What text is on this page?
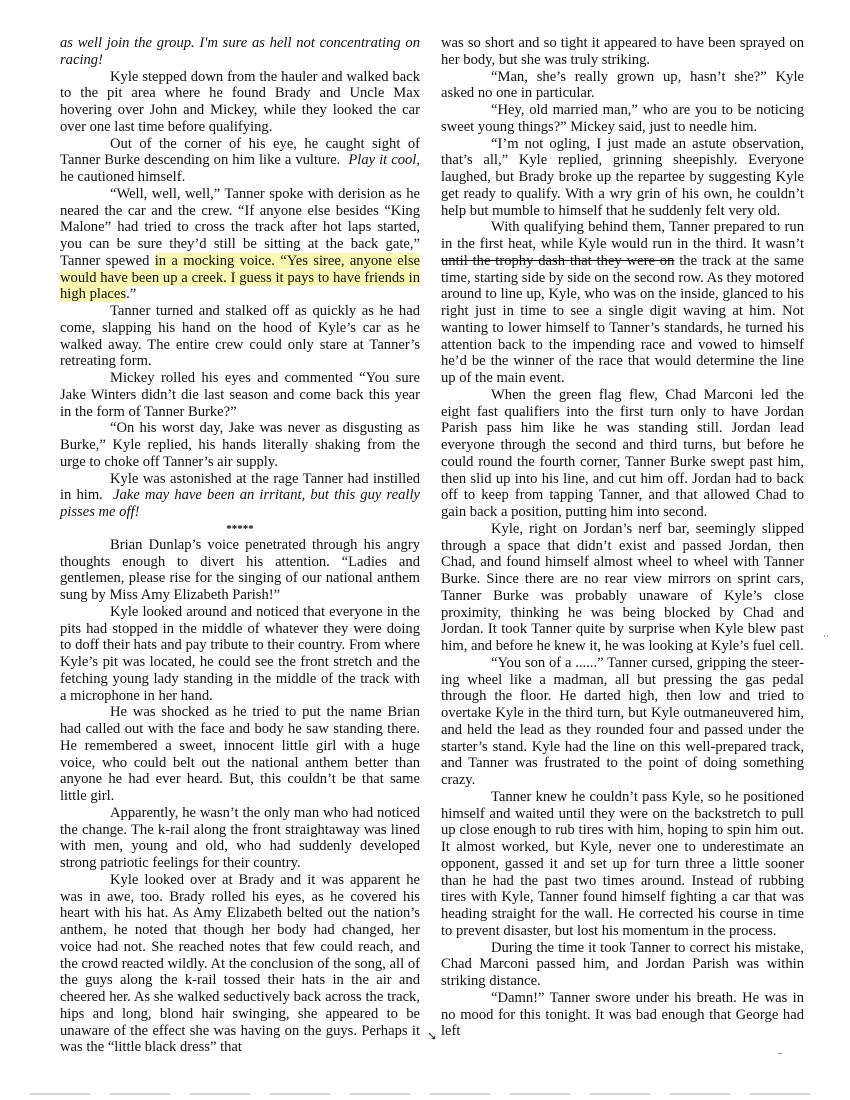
as well join the group. I'm sure as hell not concentrating on racing!

Kyle stepped down from the hauler and walked back to the pit area where he found Brady and Uncle Max hovering over John and Mickey, while they looked the car over one last time before qualifying.

Out of the corner of his eye, he caught sight of Tanner Burke descending on him like a vulture. Play it cool, he cautioned himself.

“Well, well, well,” Tanner spoke with derision as he neared the car and the crew. “If anyone else besides “King Malone” had tried to cross the track after hot laps started, you can be sure they’d still be sitting at the back gate,” Tanner spewed in a mocking voice. “Yes siree, anyone else would have been up a creek. I guess it pays to have friends in high places.”

Tanner turned and stalked off as quickly as he had come, slapping his hand on the hood of Kyle’s car as he walked away. The entire crew could only stare at Tanner’s retreating form.

Mickey rolled his eyes and commented “You sure Jake Winters didn’t die last season and come back this year in the form of Tanner Burke?”

“On his worst day, Jake was never as disgusting as Burke,” Kyle replied, his hands literally shaking from the urge to choke off Tanner’s air supply.

Kyle was astonished at the rage Tanner had instilled in him. Jake may have been an irritant, but this guy really pisses me off!

*****

Brian Dunlap’s voice penetrated through his angry thoughts enough to divert his attention. “Ladies and gentlemen, please rise for the singing of our national anthem sung by Miss Amy Elizabeth Parish!”

Kyle looked around and noticed that everyone in the pits had stopped in the middle of whatever they were doing to doff their hats and pay tribute to their country. From where Kyle’s pit was located, he could see the front stretch and the fetching young lady standing in the middle of the track with a microphone in her hand.

He was shocked as he tried to put the name Brian had called out with the face and body he saw standing there. He remembered a sweet, innocent little girl with a huge voice, who could belt out the national anthem better than anyone he had ever heard. But, this couldn’t be that same little girl.

Apparently, he wasn’t the only man who had noticed the change. The k-rail along the front straightaway was lined with men, young and old, who had suddenly developed strong patriotic feelings for their country.

Kyle looked over at Brady and it was apparent he was in awe, too. Brady rolled his eyes, as he covered his heart with his hat. As Amy Elizabeth belted out the nation’s anthem, he noted that though her body had changed, her voice had not. She reached notes that few could reach, and the crowd reacted wildly. At the conclusion of the song, all of the guys along the k-rail tossed their hats in the air and cheered her. As she walked seductively back across the track, hips and long, blond hair swinging, she appeared to be unaware of the effect she was having on the guys. Perhaps it was the “little black dress” that

was so short and so tight it appeared to have been sprayed on her body, but she was truly striking.

“Man, she’s really grown up, hasn’t she?” Kyle asked no one in particular.

“Hey, old married man,” who are you to be noticing sweet young things?” Mickey said, just to needle him.

“I’m not ogling, I just made an astute observation, that’s all,” Kyle replied, grinning sheepishly. Everyone laughed, but Brady broke up the repartee by suggesting Kyle get ready to qualify. With a wry grin of his own, he couldn’t help but mumble to himself that he suddenly felt very old.

With qualifying behind them, Tanner prepared to run in the first heat, while Kyle would run in the third. It wasn’t until the trophy dash that they were on the track at the same time, starting side by side on the second row. As they motored around to line up, Kyle, who was on the inside, glanced to his right just in time to see a single digit waving at him. Not wanting to lower himself to Tanner’s standards, he turned his attention back to the impending race and vowed to himself he’d be the winner of the race that would determine the line up of the main event.

When the green flag flew, Chad Marconi led the eight fast qualifiers into the first turn only to have Jordan Parish pass him like he was standing still. Jordan lead everyone through the second and third turns, but before he could round the fourth corner, Tanner Burke swept past him, then slid up into his line, and cut him off. Jordan had to back off to keep from tapping Tanner, and that allowed Chad to gain back a position, putting him into second.

Kyle, right on Jordan’s nerf bar, seemingly slipped through a space that didn’t exist and passed Jordan, then Chad, and found himself almost wheel to wheel with Tanner Burke. Since there are no rear view mirrors on sprint cars, Tanner Burke was probably unaware of Kyle’s close proximity, thinking he was being blocked by Chad and Jordan. It took Tanner quite by surprise when Kyle blew past him, and before he knew it, he was looking at Kyle’s fuel cell.

“You son of a ......” Tanner cursed, gripping the steering wheel like a madman, all but pressing the gas pedal through the floor. He darted high, then low and tried to overtake Kyle in the third turn, but Kyle outmaneuvered him, and held the lead as they rounded four and passed under the starter’s stand. Kyle had the line on this well-prepared track, and Tanner was frustrated to the point of doing something crazy.

Tanner knew he couldn’t pass Kyle, so he positioned himself and waited until they were on the backstretch to pull up close enough to rub tires with him, hoping to spin him out. It almost worked, but Kyle, never one to underestimate an opponent, gassed it and set up for turn three a little sooner than he had the past two times around. Instead of rubbing tires with Kyle, Tanner found himself fighting a car that was heading straight for the wall. He corrected his course in time to prevent disaster, but lost his momentum in the process.

During the time it took Tanner to correct his mistake, Chad Marconi passed him, and Jordan Parish was within striking distance.

“Damn!” Tanner swore under his breath. He was in no mood for this tonight. It was bad enough that George had left

➘
··
–
